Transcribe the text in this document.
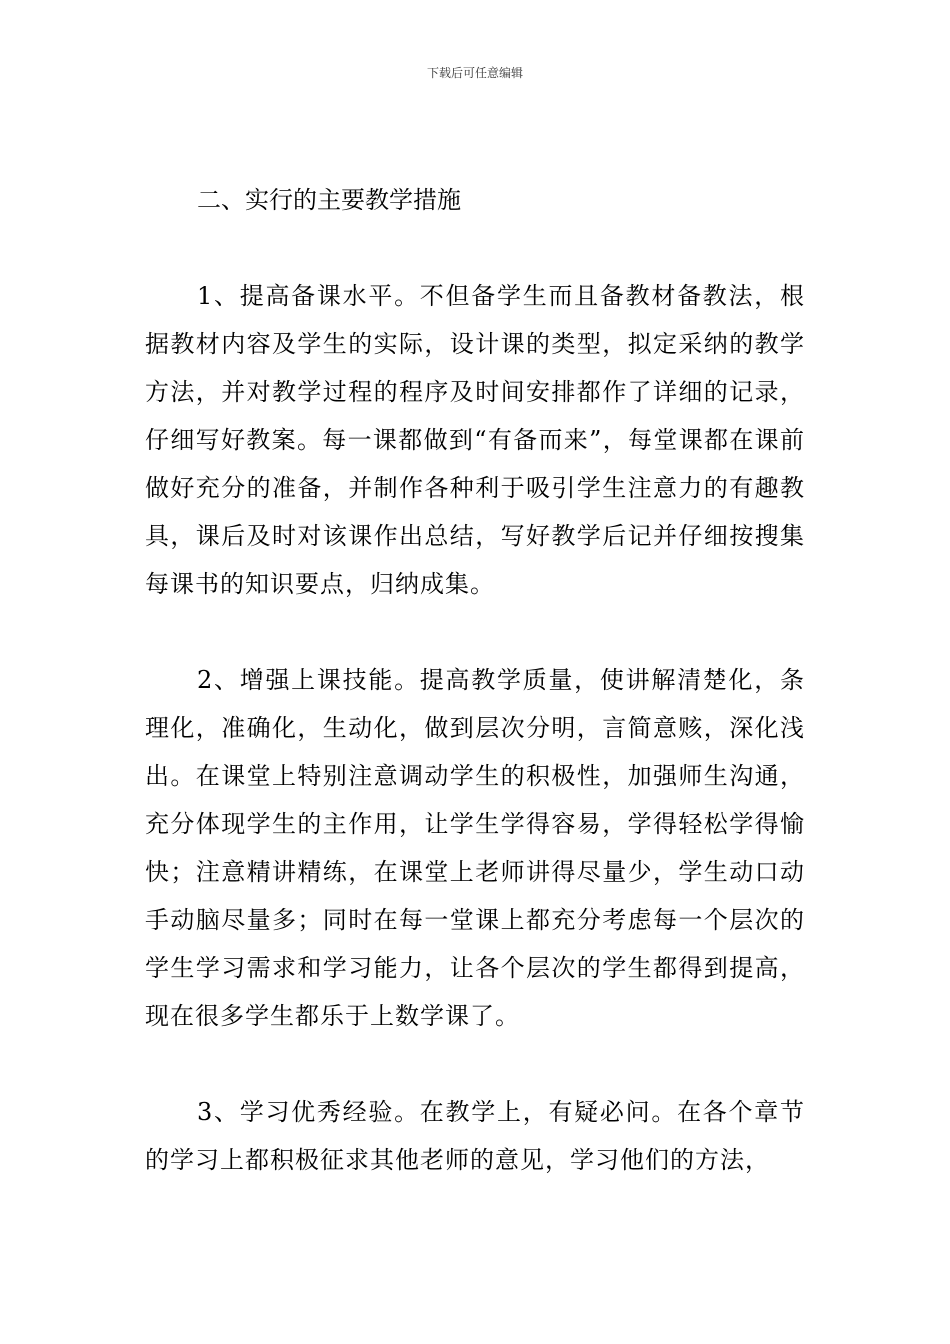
下载后可任意编辑
二、实行的主要教学措施

1、提高备课水平。不但备学生而且备教材备教法，根据教材内容及学生的实际，设计课的类型，拟定采纳的教学方法，并对教学过程的程序及时间安排都作了详细的记录，仔细写好教案。每一课都做到“有备而来”，每堂课都在课前做好充分的准备，并制作各种利于吸引学生注意力的有趣教具，课后及时对该课作出总结，写好教学后记并仔细按搜集每课书的知识要点，归纳成集。

2、增强上课技能。提高教学质量，使讲解清楚化，条理化，准确化，生动化，做到层次分明，言简意赅，深化浅出。在课堂上特别注意调动学生的积极性，加强师生沟通，充分体现学生的主作用，让学生学得容易，学得轻松学得愉快；注意精讲精练，在课堂上老师讲得尽量少，学生动口动手动脑尽量多；同时在每一堂课上都充分考虑每一个层次的学生学习需求和学习能力，让各个层次的学生都得到提高，现在很多学生都乐于上数学课了。

3、学习优秀经验。在教学上，有疑必问。在各个章节的学习上都积极征求其他老师的意见，学习他们的方法，
